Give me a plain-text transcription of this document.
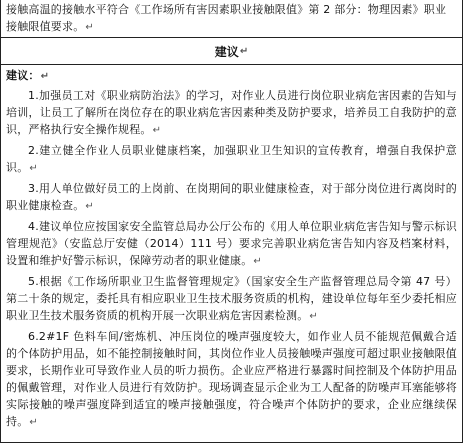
接触高温的接触水平符合《工作场所有害因素职业接触限值》第 2 部分：物理因素》职业接触限值要求。↵
建议 ↵
建议：↵

1.加强员工对《职业病防治法》的学习，对作业人员进行岗位职业病危害因素的告知与培训，让员工了解所在岗位存在的职业病危害因素种类及防护要求，培养员工自我防护的意识，严格执行安全操作规程。↵

2.建立健全作业人员职业健康档案，加强职业卫生知识的宣传教育，增强自我保护意识。↵

3.用人单位做好员工的上岗前、在岗期间的职业健康检查，对于部分岗位进行离岗时的职业健康检查。↵

4.建议单位应按国家安全监管总局办公厅公布的《用人单位职业病危害告知与警示标识管理规范》（安监总厅安健（2014）111 号）要求完善职业病危害告知内容及档案材料，设置和维护好警示标识，保障劳动者的职业健康。↵

5.根据《工作场所职业卫生监督管理规定》（国家安全生产监督管理总局令第 47 号）第二十条的规定，委托具有相应职业卫生技术服务资质的机构，建设单位每年至少委托相应职业卫生技术服务资质的机构开展一次职业病危害因素检测。↵

6.2#1F 色料车间/密炼机、冲压岗位的噪声强度较大，如作业人员不能规范佩戴合适的个体防护用品，如不能控制接触时间，其岗位作业人员接触噪声强度可超过职业接触限值要求，长期作业可导致作业人员的听力损伤。企业应严格进行暴露时间控制及个体防护用品的佩戴管理，对作业人员进行有效防护。现场调查显示企业为工人配备的防噪声耳塞能够将实际接触的噪声强度降到适宜的噪声接触强度，符合噪声个体防护的要求，企业应继续保持。↵
